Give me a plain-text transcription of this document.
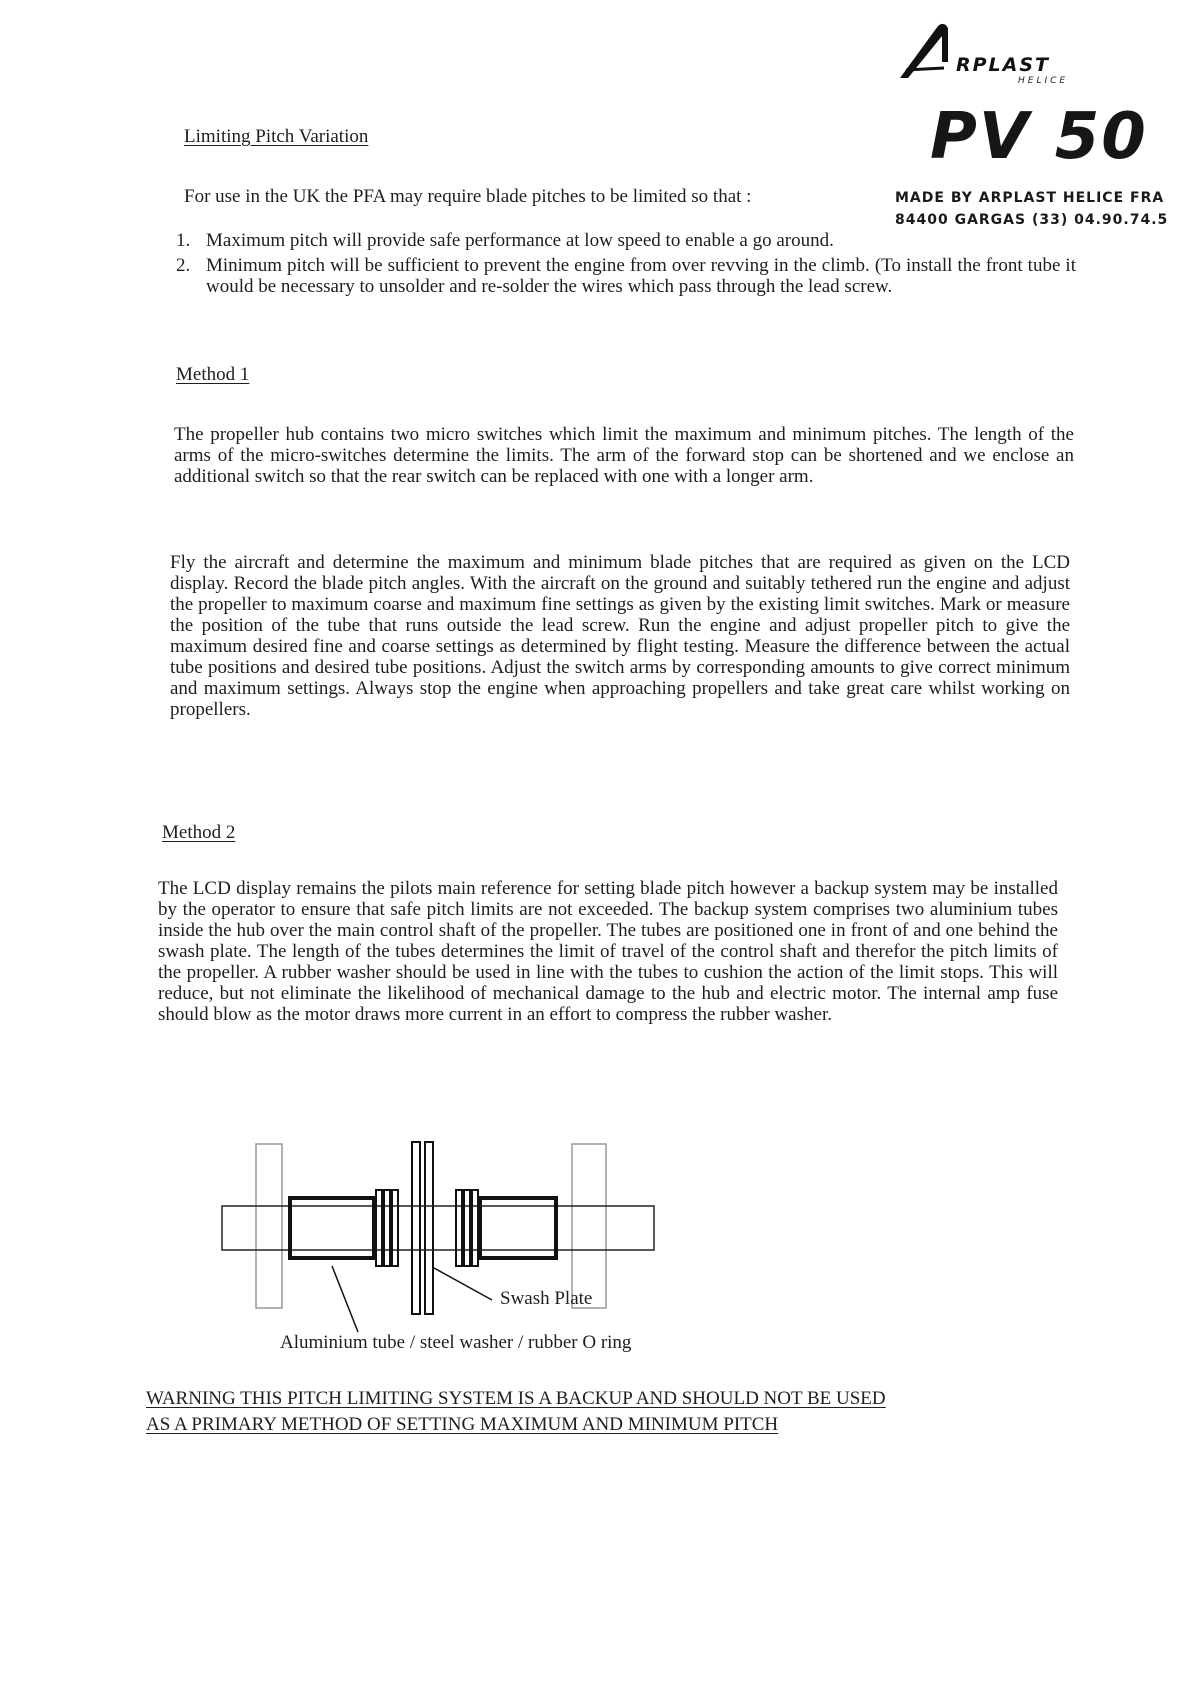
RPLAST
HELICE
PV 50
MADE BY ARPLAST HELICE FRA
84400 GARGAS (33) 04.90.74.5
Limiting Pitch Variation
For use in the UK the PFA may require blade pitches to be limited so that :
1. Maximum pitch will provide safe performance at low speed to enable a go around.
2. Minimum pitch will be sufficient to prevent the engine from over revving in the climb. (To install the front tube it would be necessary to unsolder and re-solder the wires which pass through the lead screw.
Method 1
The propeller hub contains two micro switches which limit the maximum and minimum pitches. The length of the arms of the micro-switches determine the limits. The arm of the forward stop can be shortened and we enclose an additional switch so that the rear switch can be replaced with one with a longer arm.
Fly the aircraft and determine the maximum and minimum blade pitches that are required as given on the LCD display. Record the blade pitch angles. With the aircraft on the ground and suitably tethered run the engine and adjust the propeller to maximum coarse and maximum fine settings as given by the existing limit switches. Mark or measure the position of the tube that runs outside the lead screw. Run the engine and adjust propeller pitch to give the maximum desired fine and coarse settings as determined by flight testing. Measure the difference between the actual tube positions and desired tube positions. Adjust the switch arms by corresponding amounts to give correct minimum and maximum settings. Always stop the engine when approaching propellers and take great care whilst working on propellers.
Method 2
The LCD display remains the pilots main reference for setting blade pitch however a backup system may be installed by the operator to ensure that safe pitch limits are not exceeded. The backup system comprises two aluminium tubes inside the hub over the main control shaft of the propeller. The tubes are positioned one in front of and one behind the swash plate. The length of the tubes determines the limit of travel of the control shaft and therefor the pitch limits of the propeller. A rubber washer should be used in line with the tubes to cushion the action of the limit stops. This will reduce, but not eliminate the likelihood of mechanical damage to the hub and electric motor. The internal amp fuse should blow as the motor draws more current in an effort to compress the rubber washer.
Swash Plate
Aluminium tube / steel washer / rubber O ring
WARNING THIS PITCH LIMITING SYSTEM IS A BACKUP AND SHOULD NOT BE USED
AS A PRIMARY METHOD OF SETTING MAXIMUM AND MINIMUM PITCH
